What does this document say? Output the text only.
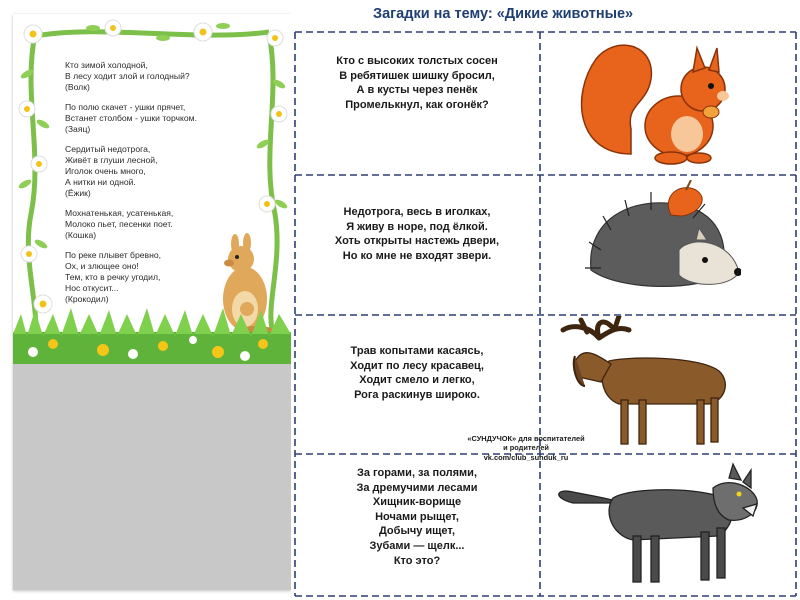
Кто зимой холодной,
В лесу ходит злой и голодный?
(Волк)
По полю скачет - ушки прячет,
Встанет столбом - ушки торчком.
(Заяц)
Сердитый недотрога,
Живёт в глуши лесной,
Иголок очень много,
А нитки ни одной.
(Ёжик)
Мохнатенькая, усатенькая,
Молоко пьет, песенки поет.
(Кошка)
По реке плывет бревно,
Ох, и злющее оно!
Тем, кто в речку угодил,
Нос откусит...
(Крокодил)
Загадки на тему: «Дикие животные»
Кто с высоких толстых сосен
В ребятишек шишку бросил,
А в кусты через пенёк
Промелькнул, как огонёк?
Недотрога, весь в иголках,
Я живу в норе, под ёлкой.
Хоть открыты настежь двери,
Но ко мне не входят звери.
Трав копытами касаясь,
Ходит по лесу красавец,
Ходит смело и легко,
Рога раскинув широко.
За горами, за полями,
За дремучими лесами
Хищник-ворище
Ночами рыщет,
Добычу ищет,
Зубами — щелк...
Кто это?
«СУНДУЧОК» для воспитателей
и родителей
vk.com/club_sunduk_ru
